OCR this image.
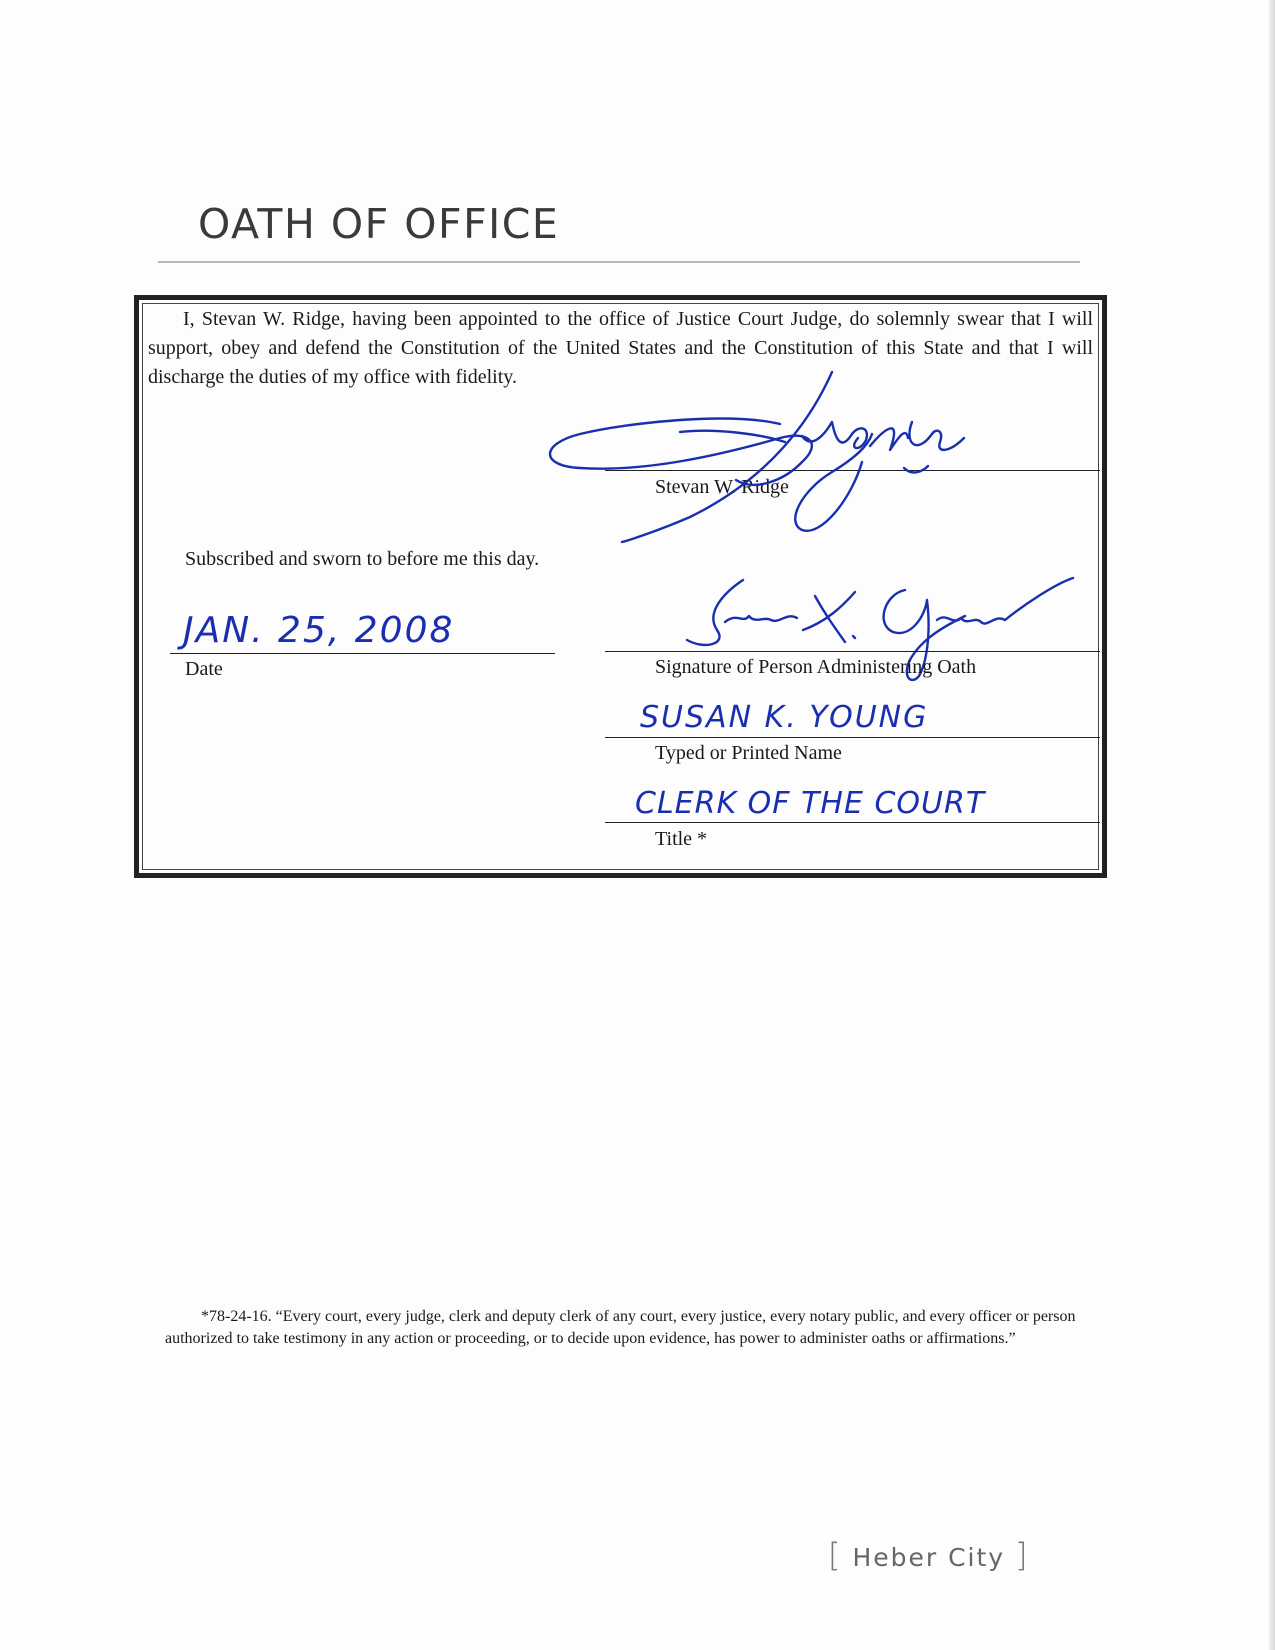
OATH OF OFFICE

I, Stevan W. Ridge, having been appointed to the office of Justice Court Judge, do solemnly swear that I will support, obey and defend the Constitution of the United States and the Constitution of this State and that I will discharge the duties of my office with fidelity.

Stevan W. Ridge
Subscribed and sworn to before me this day.
JAN. 25, 2008
Date	Signature of Person Administering Oath
SUSAN K. YOUNG
Typed or Printed Name
CLERK OF THE COURT
Title *

*78-24-16. “Every court, every judge, clerk and deputy clerk of any court, every justice, every notary public, and every officer or person authorized to take testimony in any action or proceeding, or to decide upon evidence, has power to administer oaths or affirmations.”

[ Heber City ]
